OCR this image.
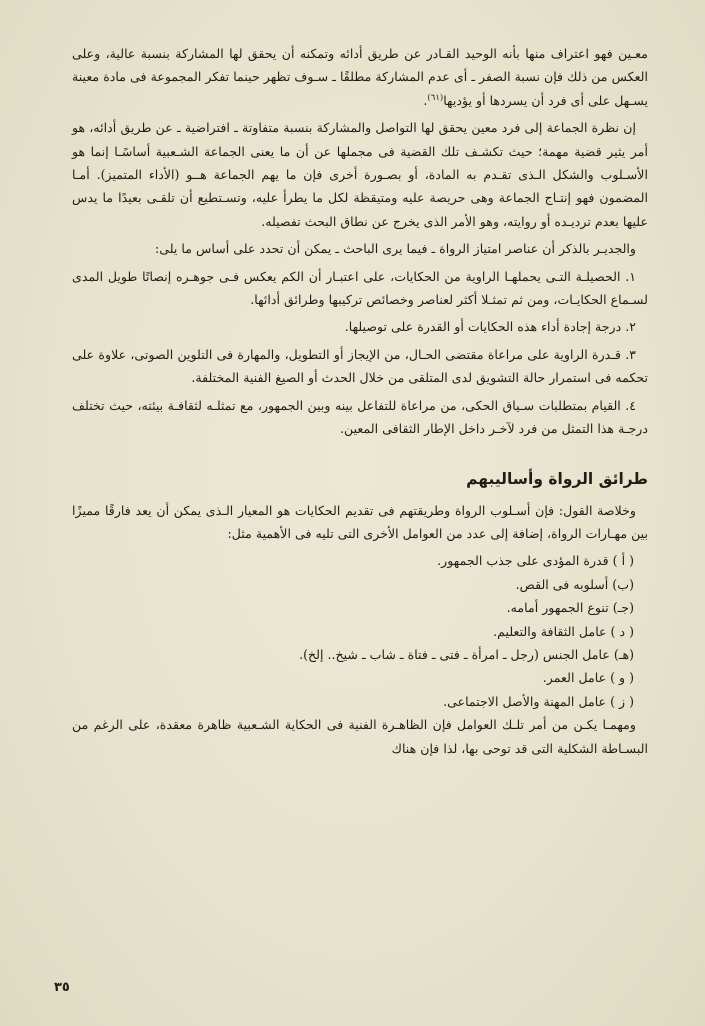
معـين فهو اعتراف منها بأنه الوحيد القـادر عن طريق أدائه وتمكنه أن يحقق لها المشاركة بنسبة عالية، وعلى العكس من ذلك فإن نسبة الصفر ـ أى عدم المشاركة مطلقًا ـ سـوف تظهر حينما تفكر المجموعة فى مادة معينة يسـهل على أى فرد أن يسردها أو يؤديها$^{(٦١)}$.

إن نظرة الجماعة إلى فرد معين يحقق لها التواصل والمشاركة بنسبة متفاوتة ـ افتراضية ـ عن طريق أدائه، هو أمر يثير قضية مهمة؛ حيث تكشـف تلك القضية فى مجملها عن أن ما يعنى الجماعة الشـعبية أساسًـا إنما هو الأسـلوب والشكل الـذى تقـدم به المادة، أو بصـورة أخرى فإن ما يهم الجماعة هــو (الأداء المتميز). أمـا المضمون فهو إنتـاج الجماعة وهى حريصة عليه ومتيقظة لكل ما يطرأ عليه، وتسـتطيع أن تلقـى بعيدًا ما يدس عليها بعدم ترديـده أو روايته، وهو الأمر الذى يخرج عن نطاق البحث تفصيله.

والجديـر بالذكر أن عناصر امتياز الرواة ـ فيما يرى الباحث ـ يمكن أن تحدد على أساس ما يلى:

١. الحصيلـة التـى يحملهـا الراوية من الحكايات، على اعتبـار أن الكم يعكس فـى جوهـره إنصاتًا طويل المدى لسـماع الحكايـات، ومن ثم تمثـلا أكثر لعناصر وخصائص تركيبها وطرائق أدائها.

٢. درجة إجادة أداء هذه الحكايات أو القدرة على توصيلها.

٣. قـدرة الراوية على مراعاة مقتضى الحـال، من الإيجاز أو التطويل، والمهارة فى التلوين الصوتى، علاوة على تحكمه فى استمرار حالة التشويق لدى المتلقى من خلال الحدث أو الصيغ الفنية المختلفة.

٤. القيام بمتطلبات سـياق الحكى، من مراعاة للتفاعل بينه وبين الجمهور، مع تمثلـه لثقافـة بيئته، حيث تختلف درجـة هذا التمثل من فرد لآخـر داخل الإطار الثقافى المعين.

طرائق الرواة وأساليبهم

وخلاصة القول: فإن أسـلوب الرواة وطريقتهم فى تقديم الحكايات هو المعيار الـذى يمكن أن يعد فارقًا مميزًا بين مهـارات الرواة، إضافة إلى عدد من العوامل الأخرى التى تليه فى الأهمية مثل:

( أ ) قدرة المؤدى على جذب الجمهور.

(ب) أسلوبه فى القص.

(جـ) تنوع الجمهور أمامه.

( د ) عامل الثقافة والتعليم.

(هـ) عامل الجنس (رجل ـ امرأة ـ فتى ـ فتاة ـ شاب ـ شيخ.. إلخ).

( و ) عامل العمر.

( ز ) عامل المهنة والأصل الاجتماعى.

ومهمـا يكـن من أمر تلـك العوامل فإن الظاهـرة الفنية فى الحكاية الشـعبية ظاهرة معقدة، على الرغم من البسـاطة الشكلية التى قد توحى بها، لذا فإن هناك

٣٥
